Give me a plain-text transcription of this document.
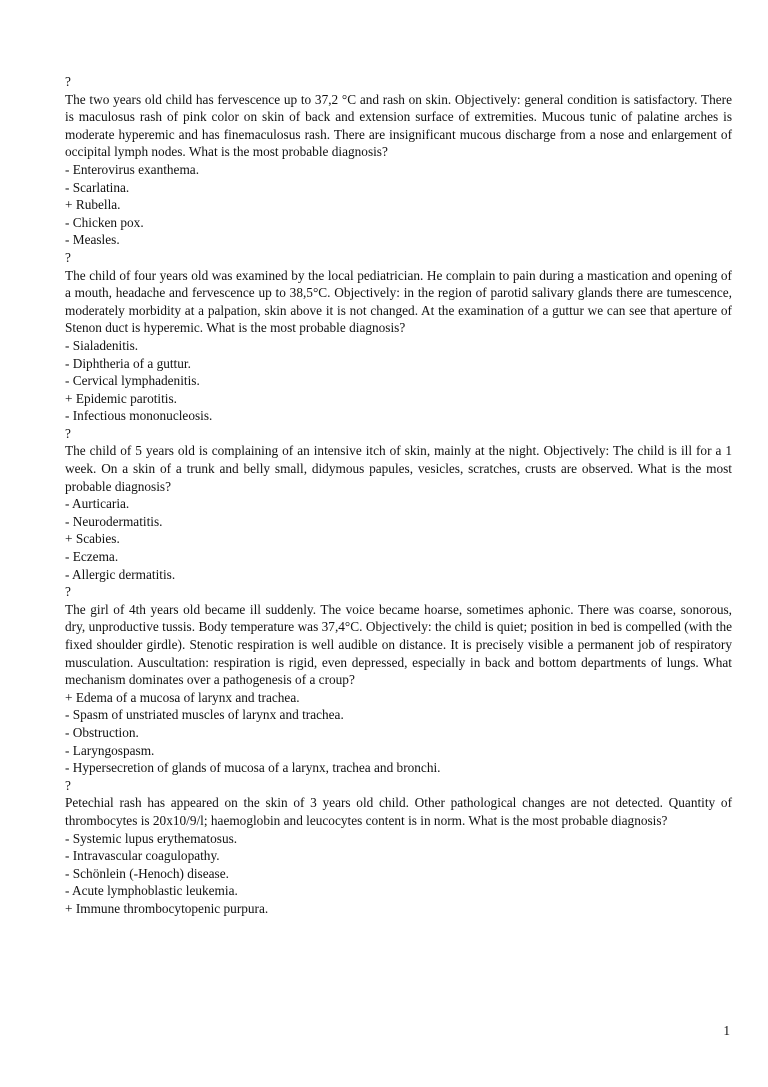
?
The two years old child has fervescence up to 37,2 °C and rash on skin. Objectively: general condition is satisfactory. There is maculosus rash of pink color on skin of back and extension surface of extremities. Mucous tunic of palatine arches is moderate hyperemic and has finemaculosus rash. There are insignificant mucous discharge from a nose and enlargement of occipital lymph nodes. What is the most probable diagnosis?
- Enterovirus exanthema.
- Scarlatina.
+ Rubella.
- Chicken pox.
- Measles.
?
The child of four years old was examined by the local pediatrician. He complain to pain during a mastication and opening of a mouth, headache and fervescence up to 38,5°C. Objectively: in the region of parotid salivary glands there are tumescence, moderately morbidity at a palpation, skin above it is not changed. At the examination of a guttur we can see that aperture of Stenon duct is hyperemic. What is the most probable diagnosis?
- Sialadenitis.
- Diphtheria of a guttur.
- Cervical lymphadenitis.
+ Epidemic parotitis.
- Infectious mononucleosis.
?
The child of 5 years old is complaining of an intensive itch of skin, mainly at the night. Objectively: The child is ill for a 1 week. On a skin of a trunk and belly small, didymous papules, vesicles, scratches, crusts are observed. What is the most probable diagnosis?
- Aurticaria.
- Neurodermatitis.
+ Scabies.
- Eczema.
- Allergic dermatitis.
?
The girl of 4th years old became ill suddenly. The voice became hoarse, sometimes aphonic. There was coarse, sonorous, dry, unproductive tussis. Body temperature was 37,4°C. Objectively: the child is quiet; position in bed is compelled (with the fixed shoulder girdle). Stenotic respiration is well audible on distance. It is precisely visible a permanent job of respiratory musculation. Auscultation: respiration is rigid, even depressed, especially in back and bottom departments of lungs. What mechanism dominates over a pathogenesis of a croup?
+ Edema of a mucosa of larynx and trachea.
- Spasm of unstriated muscles of larynx and trachea.
- Obstruction.
- Laryngospasm.
- Hypersecretion of glands of mucosa of a larynx, trachea and bronchi.
?
Petechial rash has appeared on the skin of 3 years old child. Other pathological changes are not detected. Quantity of thrombocytes is 20x10/9/l; haemoglobin and leucocytes content is in norm. What is the most probable diagnosis?
- Systemic lupus erythematosus.
- Intravascular coagulopathy.
- Schönlein (-Henoch) disease.
- Acute lymphoblastic leukemia.
+ Immune thrombocytopenic purpura.
1
